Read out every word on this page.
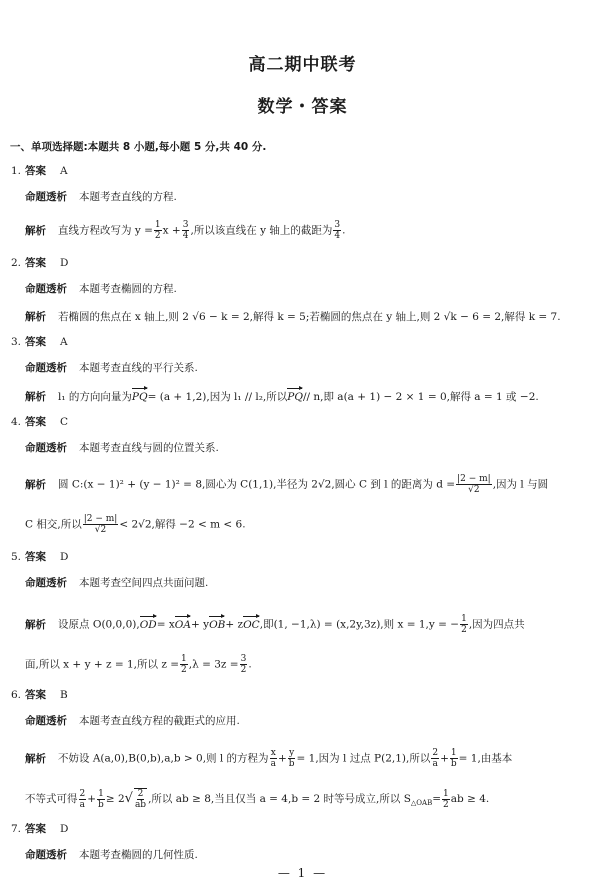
高二期中联考
数学・答案
一、单项选择题:本题共 8 小题,每小题 5 分,共 40 分.
1. 答案 A
命题透析 本题考查直线的方程.
解析 直线方程改写为 $y = \frac{1}{2}$ $x + \frac{3}{4}$ ,所以该直线在 y 轴上的截距为 $\frac{3}{4}$ .
2. 答案 D
命题透析 本题考查椭圆的方程.
解析 若椭圆的焦点在 x 轴上,则 2 √6 − k = 2,解得 k = 5;若椭圆的焦点在 y 轴上,则 2 √k − 6 = 2,解得 k = 7.
3. 答案 A
命题透析 本题考查直线的平行关系.
解析 l₁ 的方向向量为PQ= (a + 1,2),因为 l₁ // l₂,所以PQ// n,即 a(a + 1) − 2 × 1 = 0,解得 a = 1 或 −2.
4. 答案 C
命题透析 本题考查直线与圆的位置关系.
解析 圆 C:(x − 1)² + (y − 1)² = 8,圆心为 C(1,1),半径为 2√2,圆心 C 到 l 的距离为 $d = \frac{|2 - m|}{√2}$ ,因为 l 与圆
C 相交,所以 $\frac{|2 - m|}{√2} < 2√2$,解得 −2 < m < 6.
5. 答案 D
命题透析 本题考查空间四点共面问题.
解析 设原点 O(0,0,0),OD= xOA+ yOB+ zOC,即(1, −1,λ) = (x,2y,3z),则 x = 1,y = − $\frac{1}{2}$ ,因为四点共
面,所以 x + y + z = 1,所以 $z = \frac{1}{2} ,\lambda = 3z = \frac{3}{2}$ .
6. 答案 B
命题透析 本题考查直线方程的截距式的应用.
解析 不妨设 A(a,0),B(0,b),a,b > 0,则 l 的方程为 $\frac{x}{a} + \frac{y}{b} = 1$,因为 l 过点 P(2,1),所以 $\frac{2}{a} + \frac{1}{b} = 1$,由基本
不等式可得 $\frac{2}{a} + \frac{1}{b} \ge 2√ \frac{2}{ab}$ ,所以 ab ≥ 8,当且仅当 a = 4,b = 2 时等号成立,所以 $S_{\triangle OAB}= \frac{1}{2}$ ab ≥ 4.
7. 答案 D
命题透析 本题考查椭圆的几何性质.
— 1 —
